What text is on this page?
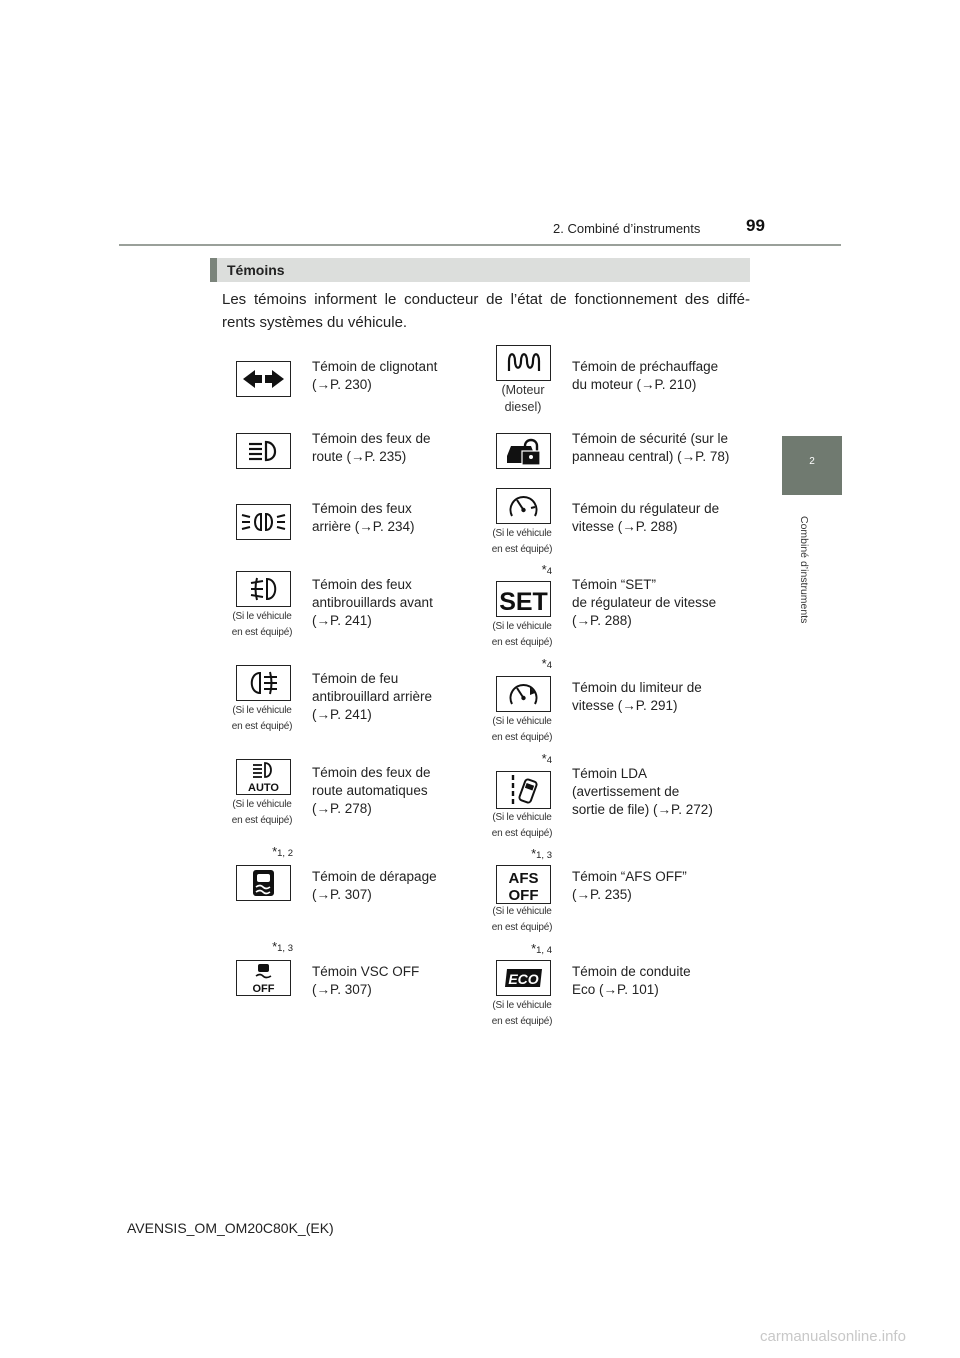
2. Combiné d’instruments	99
2
Combiné d’instruments
Témoins
Les témoins informent le conducteur de l’état de fonctionnement des diffé- rents systèmes du véhicule.
Témoin de clignotant
(→P. 230)
Témoin des feux de
route (→P. 235)
Témoin des feux
arrière (→P. 234)
(Si le véhicule
en est équipé)
Témoin des feux
antibrouillards avant
(→P. 241)
(Si le véhicule
en est équipé)
Témoin de feu
antibrouillard arrière
(→P. 241)
AUTO
(Si le véhicule
en est équipé)
Témoin des feux de
route automatiques
(→P. 278)
*1, 2
Témoin de dérapage
(→P. 307)
*1, 3
OFF
Témoin VSC OFF
(→P. 307)
(Moteur
diesel)
Témoin de préchauffage
du moteur (→P. 210)
Témoin de sécurité (sur le
panneau central) (→P. 78)
(Si le véhicule
en est équipé)
Témoin du régulateur de
vitesse (→P. 288)
*4
SET
(Si le véhicule
en est équipé)
Témoin “SET”
de régulateur de vitesse
(→P. 288)
*4
(Si le véhicule
en est équipé)
Témoin du limiteur de
vitesse (→P. 291)
*4
(Si le véhicule
en est équipé)
Témoin LDA
(avertissement de
sortie de file) (→P. 272)
*1, 3
AFS
OFF
(Si le véhicule
en est équipé)
Témoin “AFS OFF”
(→P. 235)
*1, 4
ECO
(Si le véhicule
en est équipé)
Témoin de conduite
Eco (→P. 101)
AVENSIS_OM_OM20C80K_(EK)
carmanualsonline.info
